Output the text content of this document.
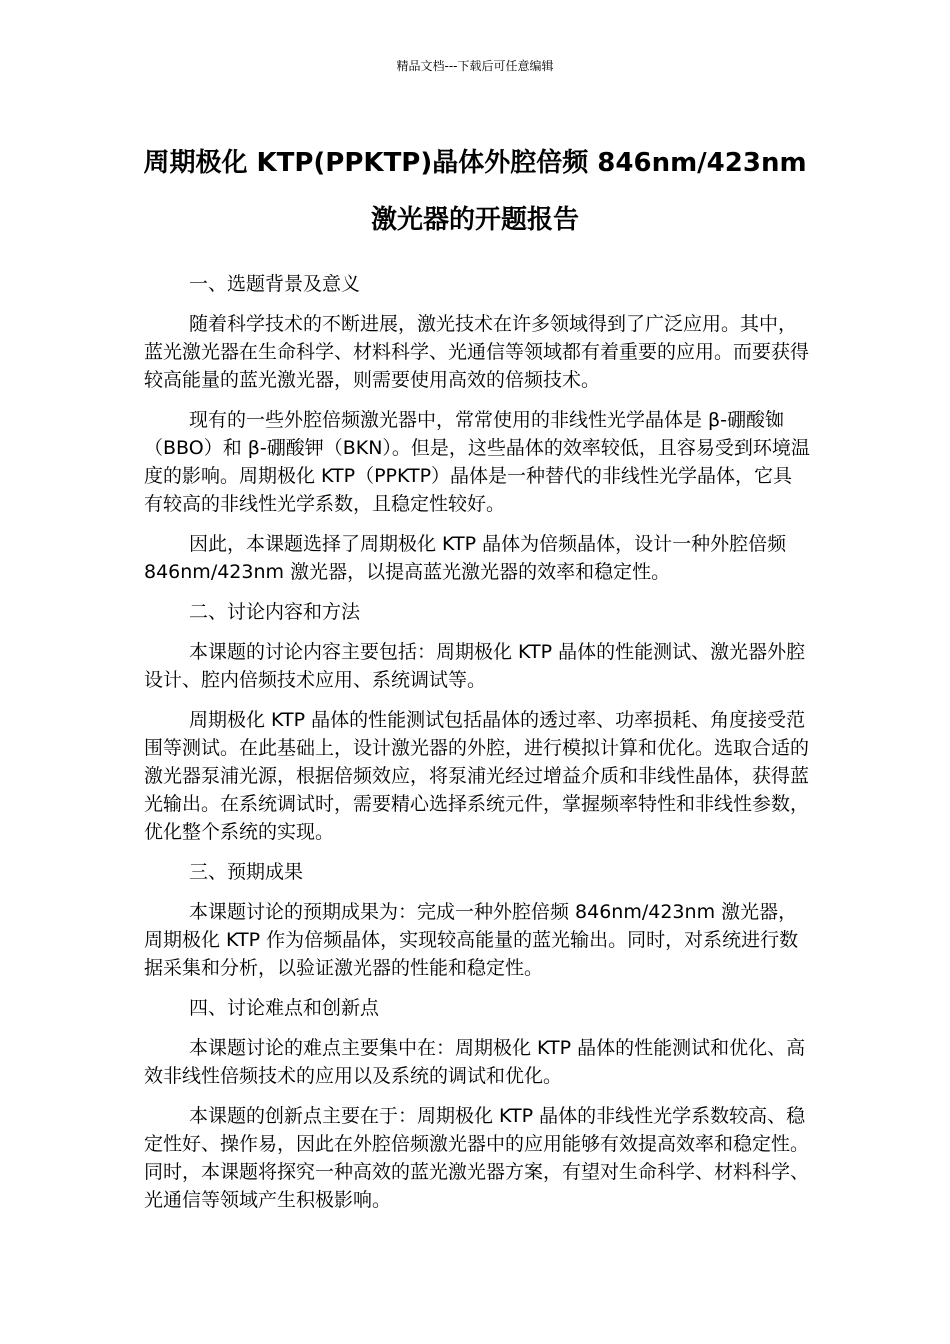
精品文档---下载后可任意编辑
周期极化 KTP(PPKTP)晶体外腔倍频 846nm/423nm
激光器的开题报告

一、选题背景及意义

随着科学技术的不断进展，激光技术在许多领域得到了广泛应用。其中，蓝光激光器在生命科学、材料科学、光通信等领域都有着重要的应用。而要获得较高能量的蓝光激光器，则需要使用高效的倍频技术。

现有的一些外腔倍频激光器中，常常使用的非线性光学晶体是 β-硼酸铷（BBO）和 β-硼酸钾（BKN）。但是，这些晶体的效率较低，且容易受到环境温度的影响。周期极化 KTP（PPKTP）晶体是一种替代的非线性光学晶体，它具有较高的非线性光学系数，且稳定性较好。

因此，本课题选择了周期极化 KTP 晶体为倍频晶体，设计一种外腔倍频 846nm/423nm 激光器，以提高蓝光激光器的效率和稳定性。

二、讨论内容和方法

本课题的讨论内容主要包括：周期极化 KTP 晶体的性能测试、激光器外腔设计、腔内倍频技术应用、系统调试等。

周期极化 KTP 晶体的性能测试包括晶体的透过率、功率损耗、角度接受范围等测试。在此基础上，设计激光器的外腔，进行模拟计算和优化。选取合适的激光器泵浦光源，根据倍频效应，将泵浦光经过增益介质和非线性晶体，获得蓝光输出。在系统调试时，需要精心选择系统元件，掌握频率特性和非线性参数，优化整个系统的实现。

三、预期成果

本课题讨论的预期成果为：完成一种外腔倍频 846nm/423nm 激光器，周期极化 KTP 作为倍频晶体，实现较高能量的蓝光输出。同时，对系统进行数据采集和分析，以验证激光器的性能和稳定性。

四、讨论难点和创新点

本课题讨论的难点主要集中在：周期极化 KTP 晶体的性能测试和优化、高效非线性倍频技术的应用以及系统的调试和优化。

本课题的创新点主要在于：周期极化 KTP 晶体的非线性光学系数较高、稳定性好、操作易，因此在外腔倍频激光器中的应用能够有效提高效率和稳定性。同时，本课题将探究一种高效的蓝光激光器方案，有望对生命科学、材料科学、光通信等领域产生积极影响。
